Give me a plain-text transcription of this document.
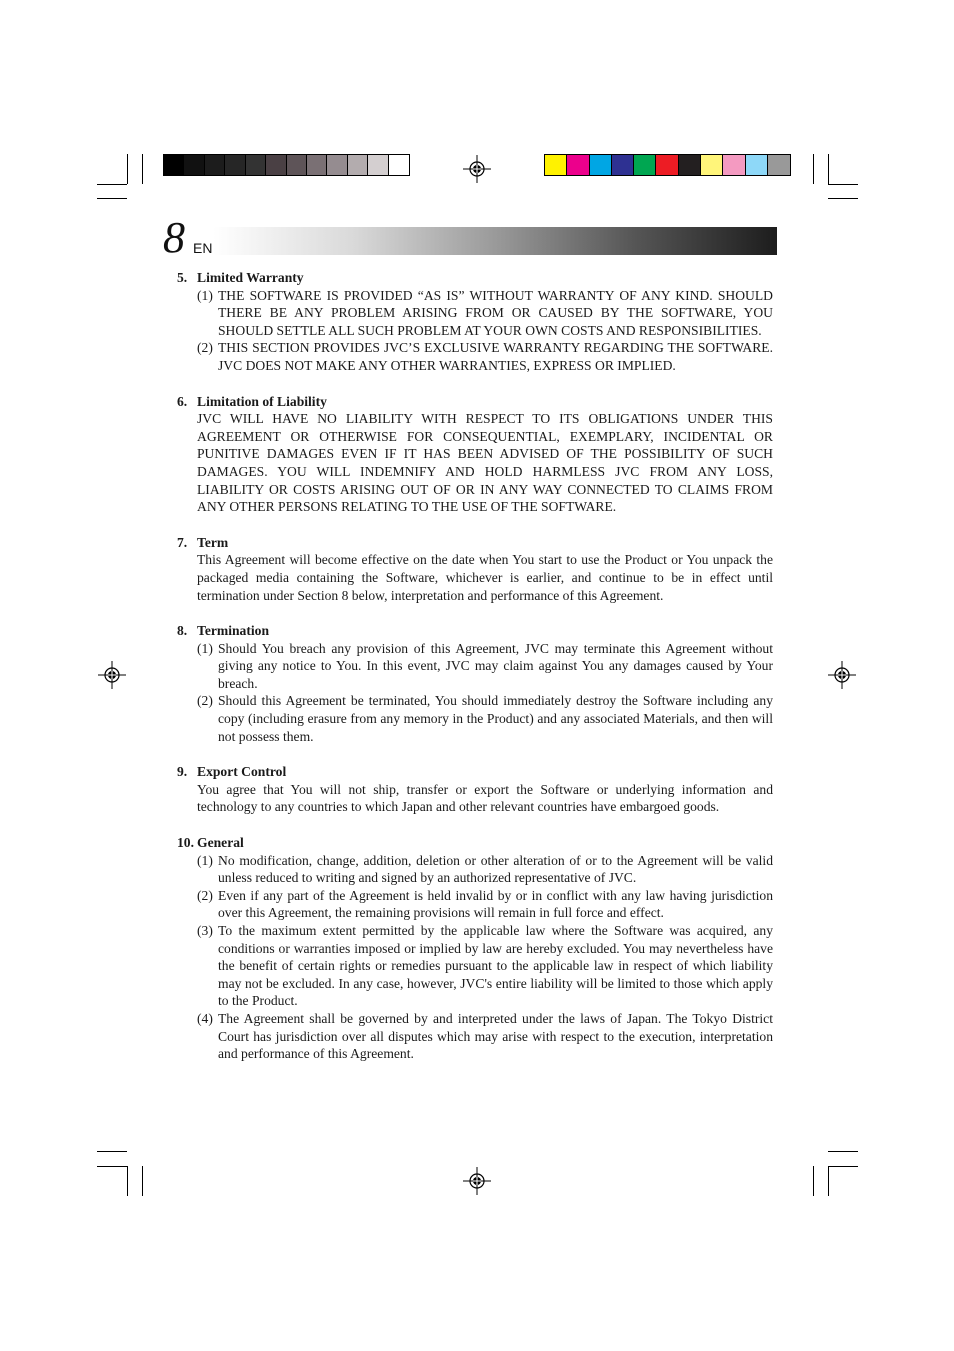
8 EN
5. Limited Warranty
(1) THE SOFTWARE IS PROVIDED “AS IS” WITHOUT WARRANTY OF ANY KIND. SHOULD THERE BE ANY PROBLEM ARISING FROM OR CAUSED BY THE SOFTWARE, YOU SHOULD SETTLE ALL SUCH PROBLEM AT YOUR OWN COSTS AND RESPONSIBILITIES.
(2) THIS SECTION PROVIDES JVC’S EXCLUSIVE WARRANTY REGARDING THE SOFTWARE. JVC DOES NOT MAKE ANY OTHER WARRANTIES, EXPRESS OR IMPLIED.
6. Limitation of Liability
JVC WILL HAVE NO LIABILITY WITH RESPECT TO ITS OBLIGATIONS UNDER THIS AGREEMENT OR OTHERWISE FOR CONSEQUENTIAL, EXEMPLARY, INCIDENTAL OR PUNITIVE DAMAGES EVEN IF IT HAS BEEN ADVISED OF THE POSSIBILITY OF SUCH DAMAGES. YOU WILL INDEMNIFY AND HOLD HARMLESS JVC FROM ANY LOSS, LIABILITY OR COSTS ARISING OUT OF OR IN ANY WAY CONNECTED TO CLAIMS FROM ANY OTHER PERSONS RELATING TO THE USE OF THE SOFTWARE.
7. Term
This Agreement will become effective on the date when You start to use the Product or You unpack the packaged media containing the Software, whichever is earlier, and continue to be in effect until termination under Section 8 below, interpretation and performance of this Agreement.
8. Termination
(1) Should You breach any provision of this Agreement, JVC may terminate this Agreement without giving any notice to You. In this event, JVC may claim against You any damages caused by Your breach.
(2) Should this Agreement be terminated, You should immediately destroy the Software including any copy (including erasure from any memory in the Product) and any associated Materials, and then will not possess them.
9. Export Control
You agree that You will not ship, transfer or export the Software or underlying information and technology to any countries to which Japan and other relevant countries have embargoed goods.
10. General
(1) No modification, change, addition, deletion or other alteration of or to the Agreement will be valid unless reduced to writing and signed by an authorized representative of JVC.
(2) Even if any part of the Agreement is held invalid by or in conflict with any law having jurisdiction over this Agreement, the remaining provisions will remain in full force and effect.
(3) To the maximum extent permitted by the applicable law where the Software was acquired, any conditions or warranties imposed or implied by law are hereby excluded. You may nevertheless have the benefit of certain rights or remedies pursuant to the applicable law in respect of which liability may not be excluded. In any case, however, JVC's entire liability will be limited to those which apply to the Product.
(4) The Agreement shall be governed by and interpreted under the laws of Japan. The Tokyo District Court has jurisdiction over all disputes which may arise with respect to the execution, interpretation and performance of this Agreement.
